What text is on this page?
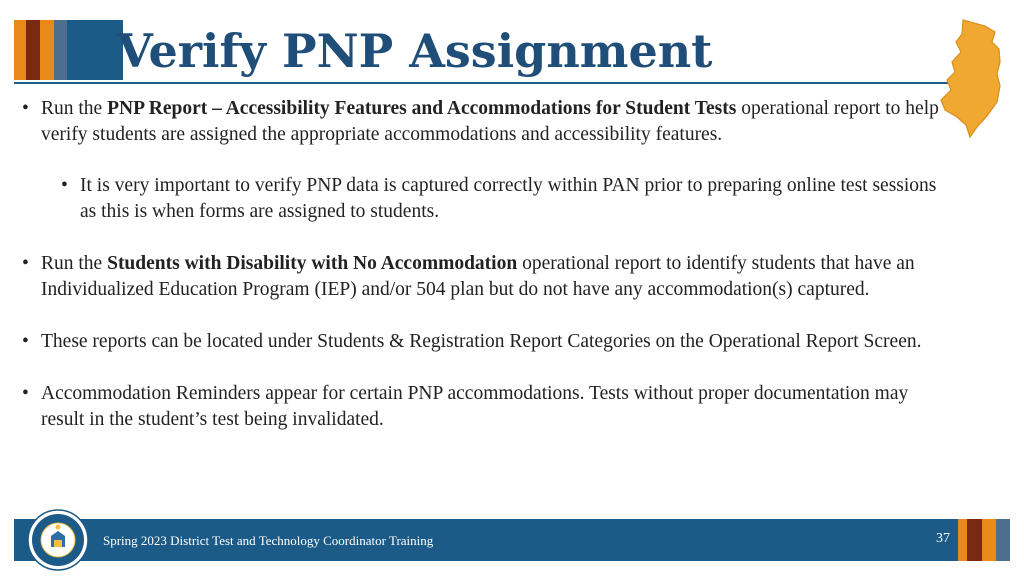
Verify PNP Assignment

• Run the PNP Report – Accessibility Features and Accommodations for Student Tests operational report to help verify students are assigned the appropriate accommodations and accessibility features.

• It is very important to verify PNP data is captured correctly within PAN prior to preparing online test sessions as this is when forms are assigned to students.

• Run the Students with Disability with No Accommodation operational report to identify students that have an Individualized Education Program (IEP) and/or 504 plan but do not have any accommodation(s) captured.

• These reports can be located under Students & Registration Report Categories on the Operational Report Screen.

• Accommodation Reminders appear for certain PNP accommodations. Tests without proper documentation may result in the student’s test being invalidated.

Spring 2023 District Test and Technology Coordinator Training	37
